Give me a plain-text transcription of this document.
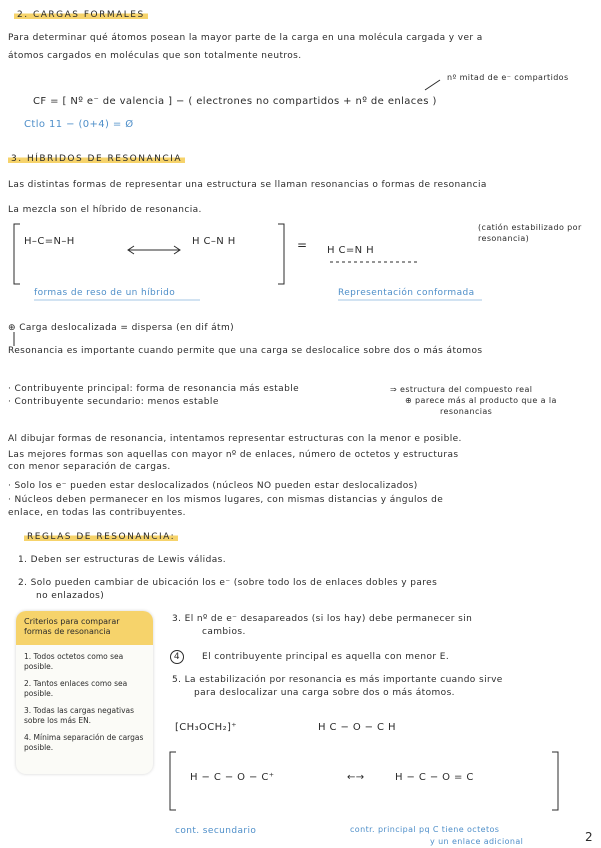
2. CARGAS FORMALES
Para determinar qué átomos posean la mayor parte de la carga en una molécula cargada y ver a
átomos cargados en moléculas que son totalmente neutros.
nº mitad de e⁻ compartidos
CF = [ Nº e⁻ de valencia ] − ( electrones no compartidos + nº de enlaces )
Ctlo 11 − (0+4) = Ø
3. HÍBRIDOS DE RESONANCIA
Las distintas formas de representar una estructura se llaman resonancias o formas de resonancia
La mezcla son el híbrido de resonancia.
H–C=N–H	H C–N H	= H C=N H
(catión estabilizado por resonancia)
formas de reso de un híbrido	Representación conformada
⊕ Carga deslocalizada = dispersa (en dif átm)
Resonancia es importante cuando permite que una carga se deslocalice sobre dos o más átomos
· Contribuyente principal: forma de resonancia más estable	⇒ estructura del compuesto real
⊕ parece más al producto que a la
resonancias
· Contribuyente secundario: menos estable
Al dibujar formas de resonancia, intentamos representar estructuras con la menor e posible.
Las mejores formas son aquellas con mayor nº de enlaces, número de octetos y estructuras
con menor separación de cargas.
· Solo los e⁻ pueden estar deslocalizados (núcleos NO pueden estar deslocalizados)
· Núcleos deben permanecer en los mismos lugares, con mismas distancias y ángulos de
enlace, en todas las contribuyentes.
REGLAS DE RESONANCIA:
1. Deben ser estructuras de Lewis válidas.
2. Solo pueden cambiar de ubicación los e⁻ (sobre todo los de enlaces dobles y pares
no enlazados)
3. El nº de e⁻ desapareados (si los hay) debe permanecer sin
cambios.
4	El contribuyente principal es aquella con menor E.
5. La estabilización por resonancia es más importante cuando sirve
para deslocalizar una carga sobre dos o más átomos.
[CH₃OCH₂]⁺	H C − O − C H
H − C − O − C⁺	←→	H − C − O = C
cont. secundario	contr. principal pq C tiene octetos
y un enlace adicional
Criterios para comparar formas de resonancia
1. Todos octetos como sea posible.
2. Tantos enlaces como sea posible.
3. Todas las cargas negativas sobre los más EN.
4. Mínima separación de cargas posible.
2
